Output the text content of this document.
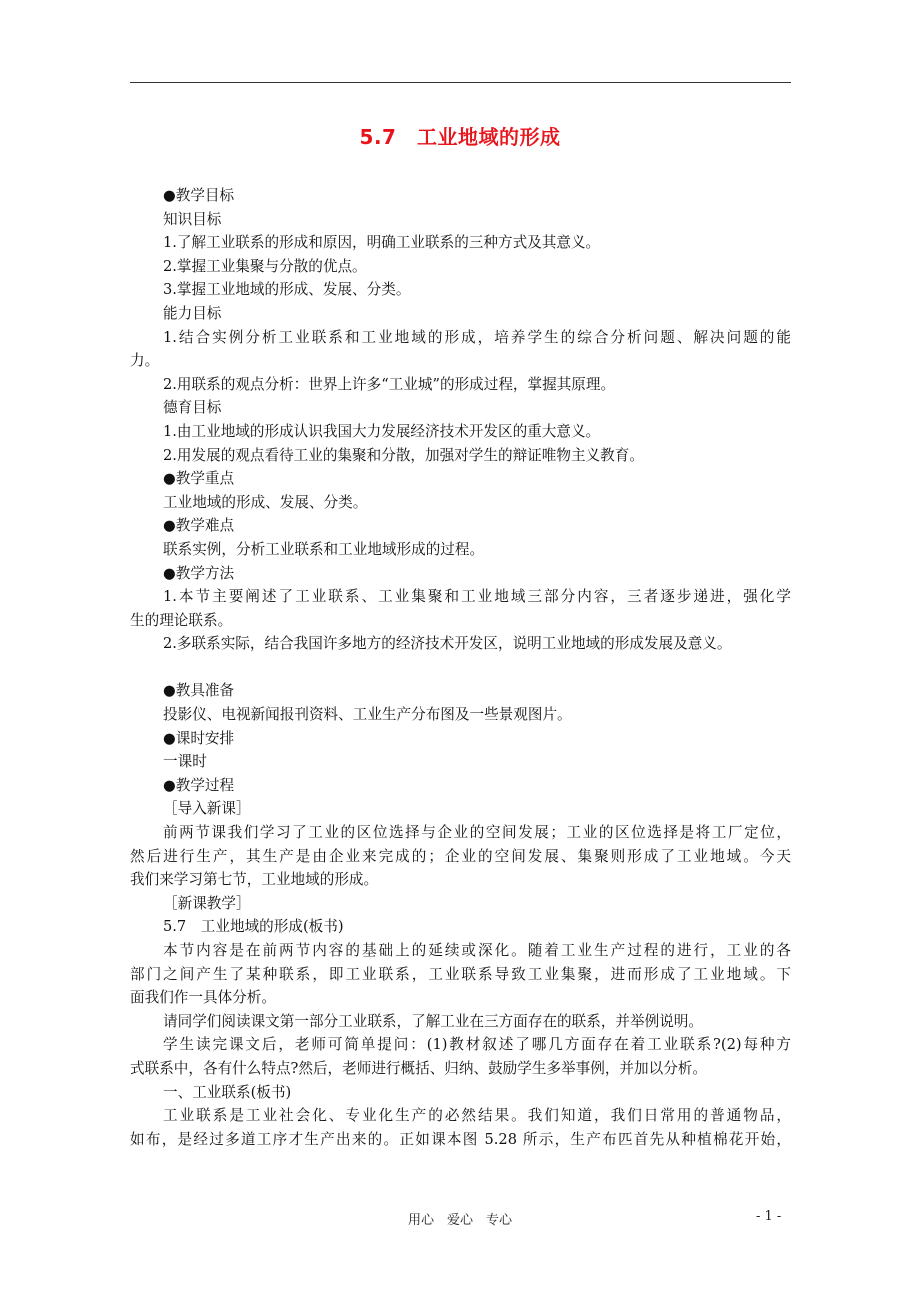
5.7　工业地域的形成
●教学目标
知识目标
1.了解工业联系的形成和原因，明确工业联系的三种方式及其意义。
2.掌握工业集聚与分散的优点。
3.掌握工业地域的形成、发展、分类。
能力目标
1.结合实例分析工业联系和工业地域的形成，培养学生的综合分析问题、解决问题的能
力。
2.用联系的观点分析：世界上许多“工业城”的形成过程，掌握其原理。
德育目标
1.由工业地域的形成认识我国大力发展经济技术开发区的重大意义。
2.用发展的观点看待工业的集聚和分散，加强对学生的辩证唯物主义教育。
●教学重点
工业地域的形成、发展、分类。
●教学难点
联系实例，分析工业联系和工业地域形成的过程。
●教学方法
1.本节主要阐述了工业联系、工业集聚和工业地域三部分内容，三者逐步递进，强化学
生的理论联系。
2.多联系实际，结合我国许多地方的经济技术开发区，说明工业地域的形成发展及意义。
●教具准备
投影仪、电视新闻报刊资料、工业生产分布图及一些景观图片。
●课时安排
一课时
●教学过程
［导入新课］
前两节课我们学习了工业的区位选择与企业的空间发展；工业的区位选择是将工厂定位，
然后进行生产，其生产是由企业来完成的；企业的空间发展、集聚则形成了工业地域。今天
我们来学习第七节，工业地域的形成。
［新课教学］
5.7　工业地域的形成(板书)
本节内容是在前两节内容的基础上的延续或深化。随着工业生产过程的进行，工业的各
部门之间产生了某种联系，即工业联系，工业联系导致工业集聚，进而形成了工业地域。下
面我们作一具体分析。
请同学们阅读课文第一部分工业联系，了解工业在三方面存在的联系，并举例说明。
学生读完课文后，老师可简单提问：(1)教材叙述了哪几方面存在着工业联系?(2)每种方
式联系中，各有什么特点?然后，老师进行概括、归纳、鼓励学生多举事例，并加以分析。
一、工业联系(板书)
工业联系是工业社会化、专业化生产的必然结果。我们知道，我们日常用的普通物品，
如布，是经过多道工序才生产出来的。正如课本图 5.28 所示，生产布匹首先从种植棉花开始，
用心　爱心　专心	- 1 -
